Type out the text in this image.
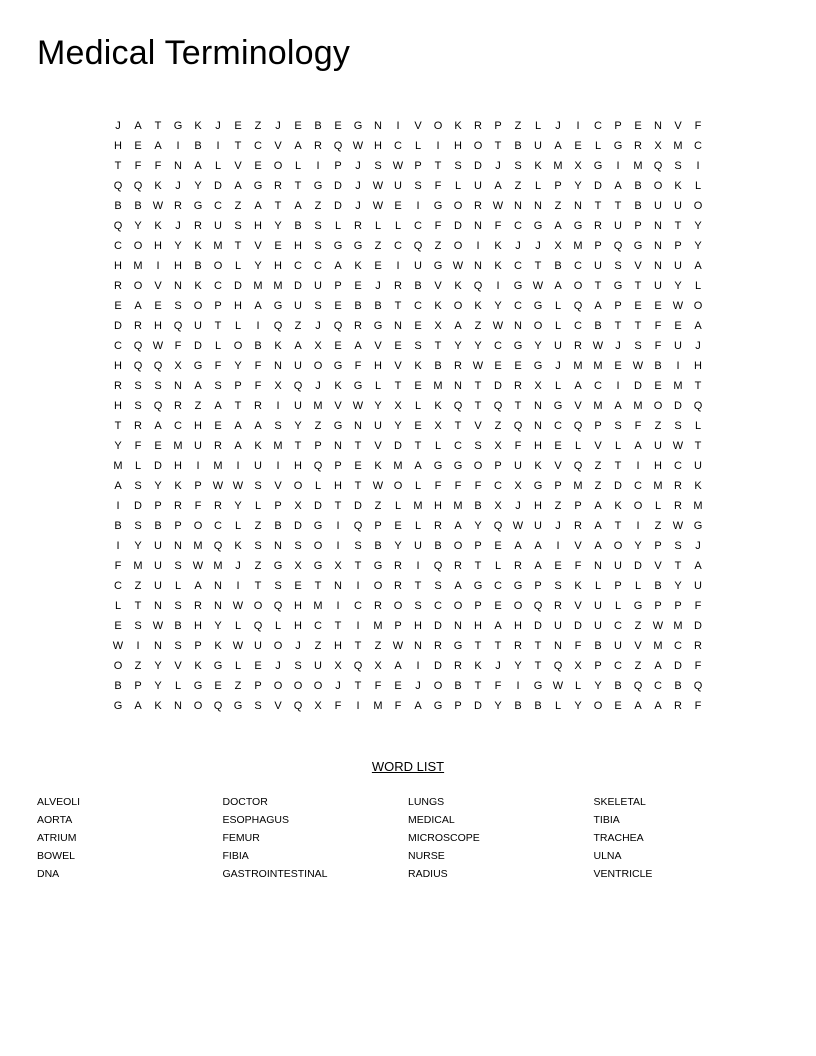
Medical Terminology
J	A	T	G	K	J	E	Z	J	E	B	E	G	N	I	V	O	K	R	P	Z	L	J	I	C	P	E	N	V	F
H	E	A	I	B	I	T	C	V	A	R	Q W H	C	L	I	H	O	T	B	U	A	E	L	G	R	X	M	C
T	F	F	N	A	L	V	E	O	L	I	P	J	S	W	P	T	S	D	J	S	K	M	X	G	I	M	Q	S	I
Q	Q	K	J	Y	D	A	G	R	T	G	D	J	W U	S	F	L	U	A	Z	L	P	Y	D	A	B	O	K	L
B	B	W R	G	C	Z	A	T	A	Z	D	J	W	E	I	G	O	R W N	N	Z	N	T	T	B	U	U	O
Q	Y	K	J	R	U	S	H	Y	B	S	L	R	L	L	C	F	D	N	F	C	G	A	G	R	U	P	N	T	Y
C	O	H	Y	K	M	T	V	E	H	S	G	G	Z	C	Q	Z	O	I	K	J	J	X	M	P	Q	G	N	P	Y
H	M	I	H	B	O	L	Y	H	C	C	A	K	E	I	U	G W N	K	C	T	B	C	U	S	V	N	U	A
R	O	V	N	K	C	D	M M	D	U	P	E	J	R	B	V	K	Q	I	G W	A	O	T	G	T	U	Y	L
E	A	E	S	O	P	H	A	G	U	S	E	B	B	T	C	K	O	K	Y	C	G	L	Q	A	P	E	E	W O
D	R	H	Q	U	T	L	I	Q	Z	J	Q	R	G	N	E	X	A	Z	W N	O	L	C	B	T	T	F	E	A
C	Q W	F	D	L	O	B	K	A	X	E	A	V	E	S	T	Y	Y	C	G	Y	U	R W	J	S	F	U	J
H	Q	Q	X	G	F	Y	F	N	U	O	G	F	H	V	K	B	R W	E	E	G	J	M M	E	W	B	I	H
R	S	S	N	A	S	P	F	X	Q	J	K	G	L	T	E	M	N	T	D	R	X	L	A	C	I	D	E	M	T
H	S	Q	R	Z	A	T	R	I	U	M	V	W	Y	X	L	K	Q	T	Q	T	N	G	V	M	A	M	O	D	Q
T	R	A	C	H	E	A	A	S	Y	Z	G	N	U	Y	E	X	T	V	Z	Q	N	C	Q	P	S	F	Z	S	L
Y	F	E	M	U	R	A	K	M	T	P	N	T	V	D	T	L	C	S	X	F	H	E	L	V	L	A	U W	T
M	L	D	H	I	M	I	U	I	H	Q	P	E	K	M	A	G	G	O	P	U	K	V	Q	Z	T	I	H	C	U
A	S	Y	K	P	W W	S	V	O	L	H	T	W O	L	F	F	F	C	X	G	P	M	Z	D	C	M	R	K
I	D	P	R	F	R	Y	L	P	X	D	T	D	Z	L	M	H	M	B	X	J	H	Z	P	A	K	O	L	R	M
B	S	B	P	O	C	L	Z	B	D	G	I	Q	P	E	L	R	A	Y	Q W U	J	R	A	T	I	Z	W G
I	Y	U	N	M	Q	K	S	N	S	O	I	S	B	Y	U	B	O	P	E	A	A	I	V	A	O	Y	P	S	J
F	M	U	S	W M	J	Z	G	X	G	X	T	G	R	I	Q	R	T	L	R	A	E	F	N	U	D	V	T	A
C	Z	U	L	A	N	I	T	S	E	T	N	I	O	R	T	S	A	G	C	G	P	S	K	L	P	L	B	Y	U
L	T	N	S	R	N W O	Q	H	M	I	C	R	O	S	C	O	P	E	O	Q	R	V	U	L	G	P	P	F
E	S	W	B	H	Y	L	Q	L	H	C	T	I	M	P	H	D	N	H	A	H	D	U	D	U	C	Z	W M	D
W	I	N	S	P	K	W U	O	J	Z	H	T	Z	W N	R	G	T	T	R	T	N	F	B	U	V	M	C	R
O	Z	Y	V	K	G	L	E	J	S	U	X	Q	X	A	I	D	R	K	J	Y	T	Q	X	P	C	Z	A	D	F
B	P	Y	L	G	E	Z	P	O	O	O	J	T	F	E	J	O	B	T	F	I	G W	L	Y	B	Q	C	B	Q
G	A	K	N	O	Q	G	S	V	Q	X	F	I	M	F	A	G	P	D	Y	B	B	L	Y	O	E	A	A	R	F
WORD LIST
ALVEOLI
AORTA
ATRIUM
BOWEL
DNA
DOCTOR
ESOPHAGUS
FEMUR
FIBIA
GASTROINTESTINAL
LUNGS
MEDICAL
MICROSCOPE
NURSE
RADIUS
SKELETAL
TIBIA
TRACHEA
ULNA
VENTRICLE
